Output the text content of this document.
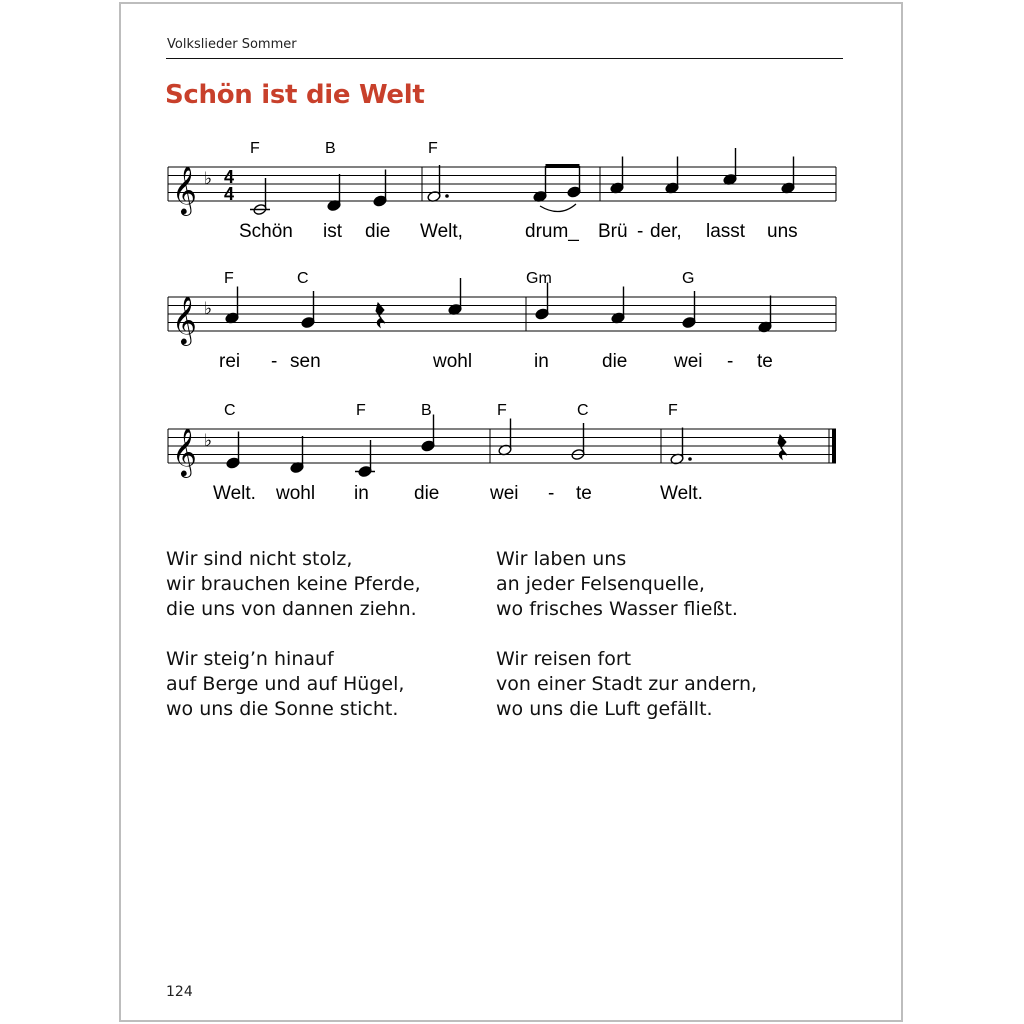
Volkslieder Sommer
Schön ist die Welt
𝄞 ♭ 4
4
F	B	F
Schön ist die Welt,	drum_ Brü - der, lasst uns
𝄞 ♭
F	C	Gm	G
rei - sen	wohl	in	die wei - te
𝄞 ♭
C	F	B	F	C	F
Welt. wohl in die	wei - te	Welt.
Wir sind nicht stolz,
wir brauchen keine Pferde,
die uns von dannen ziehn.
Wir laben uns
an jeder Felsenquelle,
wo frisches Wasser fließt.
Wir steig’n hinauf
auf Berge und auf Hügel,
wo uns die Sonne sticht.
Wir reisen fort
von einer Stadt zur andern,
wo uns die Luft gefällt.
124
